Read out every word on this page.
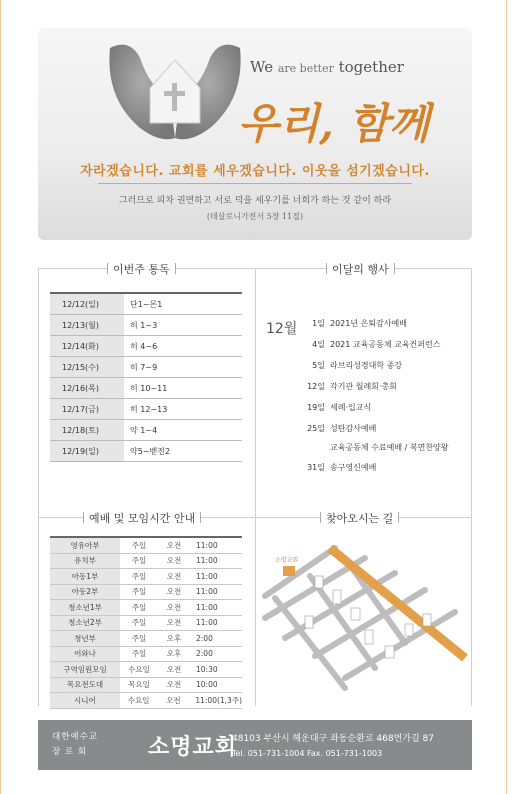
We are better together
우리, 함께
자라겠습니다. 교회를 세우겠습니다. 이웃을 섬기겠습니다.
그러므로 피차 권면하고 서로 덕을 세우기를 너희가 하는 것 같이 하라
(데살로니가전서 5장 11절)
이번주 통독
12/12(일)	단1~몬1
12/13(월)	히 1~3
12/14(화)	히 4~6
12/15(수)	히 7~9
12/16(목)	히 10~11
12/17(금)	히 12~13
12/18(토)	약 1~4
12/19(일)	약5~벧전2
이달의 행사
12월	1일 2021년 은퇴감사예배
4일 2021 교육공동체 교육컨퍼런스
5일 라브리성경대학 종강
12일 각기관 월례회·총회
19일 세례·입교식
25일 성탄감사예배
교육공동체 수료예배 / 복면찬양왕
31일 송구영신예배
예배 및 모임시간 안내
영유아부	주일	오전	11:00
유치부	주일	오전	11:00
아동1부	주일	오전	11:00
아동2부	주일	오전	11:00
청소년1부	주일	오전	11:00
청소년2부	주일	오전	11:00
청년부	주일	오후	2:00
어와나	주일	오후	2:00
구역임원모임	수요일	오전	10:30
목요전도대	목요일	오전	10:00
시니어	수요일	오전	11:00(1,3주)
찾아오시는 길
소명교회
해운대로
대한예수교
장 로 회	소명교회
48103 부산시 해운대구 좌동순환로 468번가길 87
Tel. 051-731-1004 Fax. 051-731-1003
